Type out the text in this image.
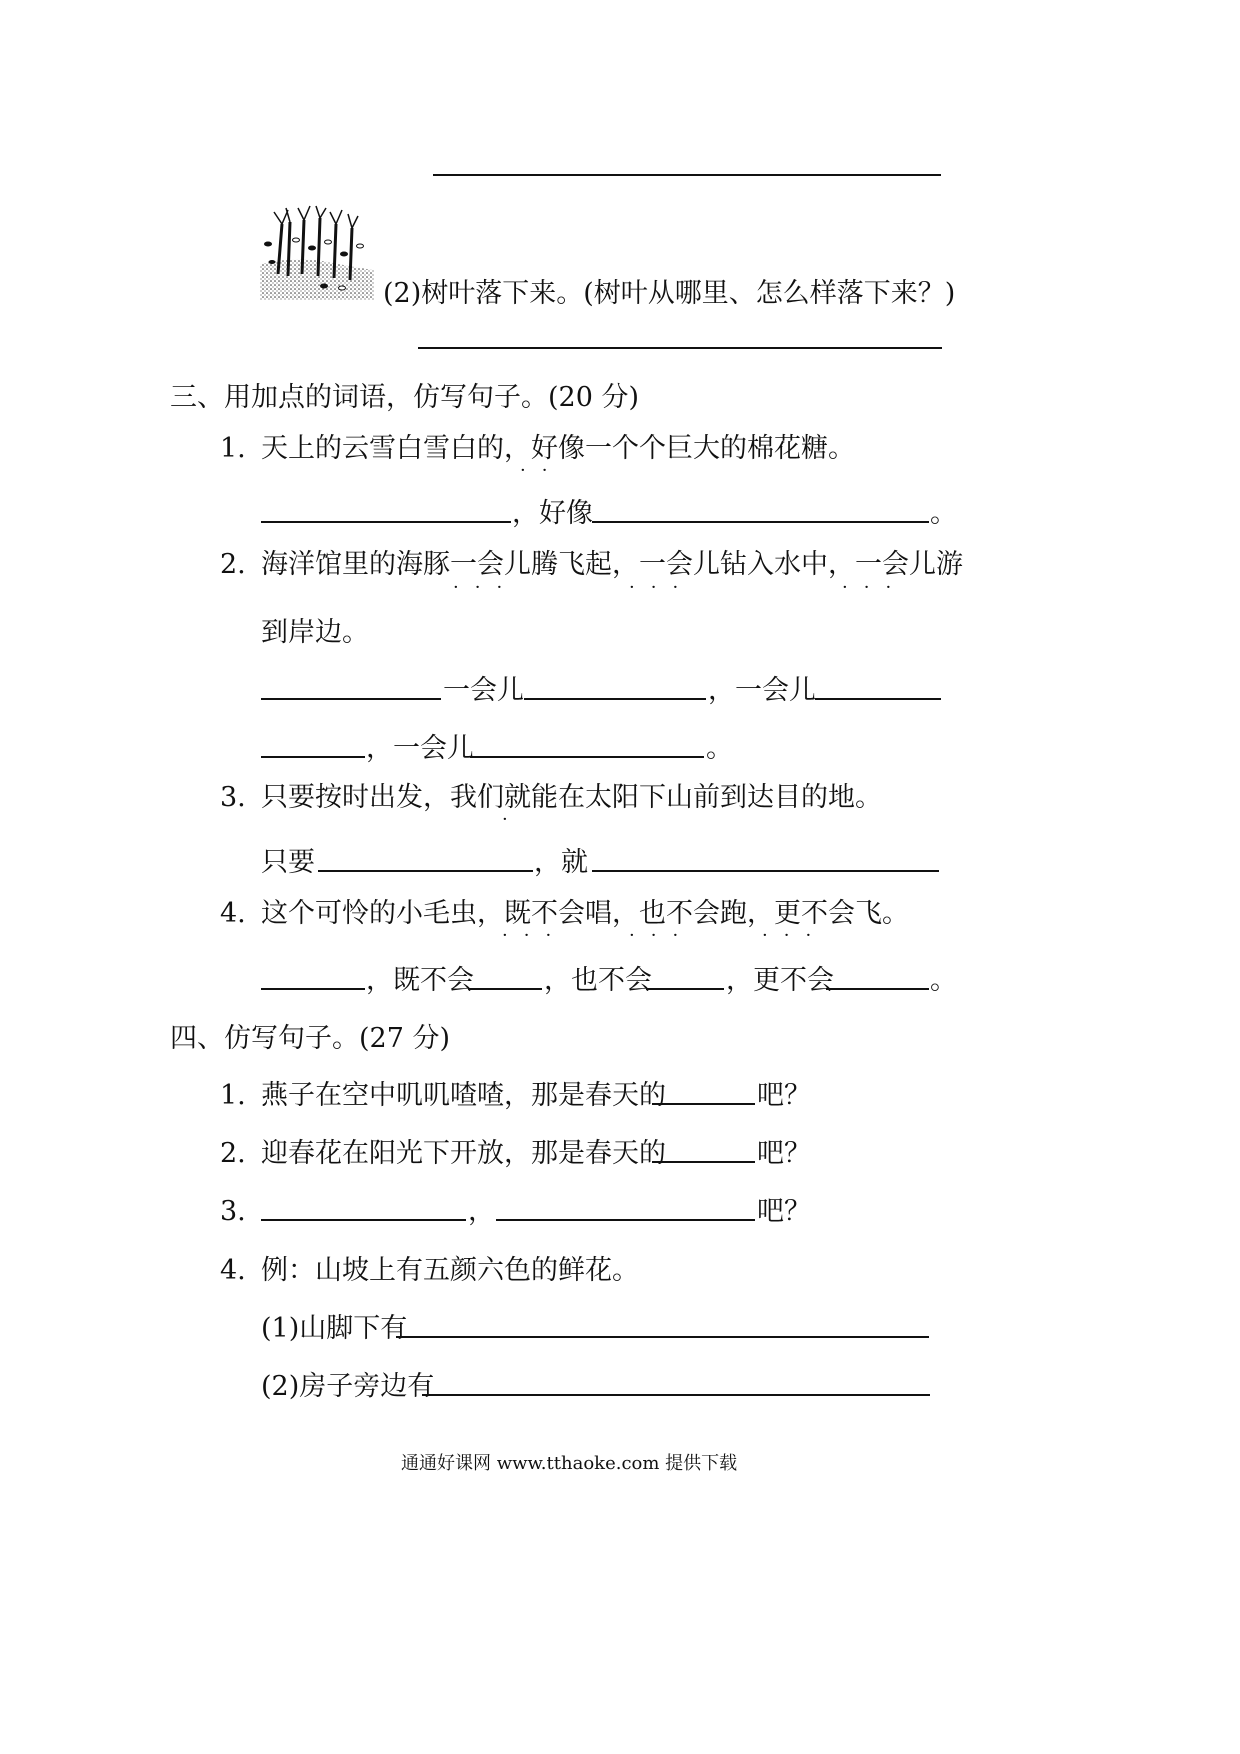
(2)树叶落下来。(树叶从哪里、怎么样落下来？)
三、用加点的词语，仿写句子。(20 分)
1. 天上的云雪白雪白的，好像一个个巨大的棉花糖。
··
，好像	。
2. 海洋馆里的海豚一会儿腾飞起，一会儿钻入水中，一会儿游
···	···	···
到岸边。
一会儿	，一会儿
，一会儿	。
3. 只要按时出发，我们就能在太阳下山前到达目的地。
·
只要	，就
4. 这个可怜的小毛虫，既不会唱，也不会跑，更不会飞。
···	···	···
，既不会	，也不会	，更不会	。
四、仿写句子。(27 分)
1. 燕子在空中叽叽喳喳，那是春天的	吧？
2. 迎春花在阳光下开放，那是春天的	吧？
3.	，	吧？
4. 例：山坡上有五颜六色的鲜花。
(1)山脚下有
(2)房子旁边有
通通好课网 www.tthaoke.com 提供下载
